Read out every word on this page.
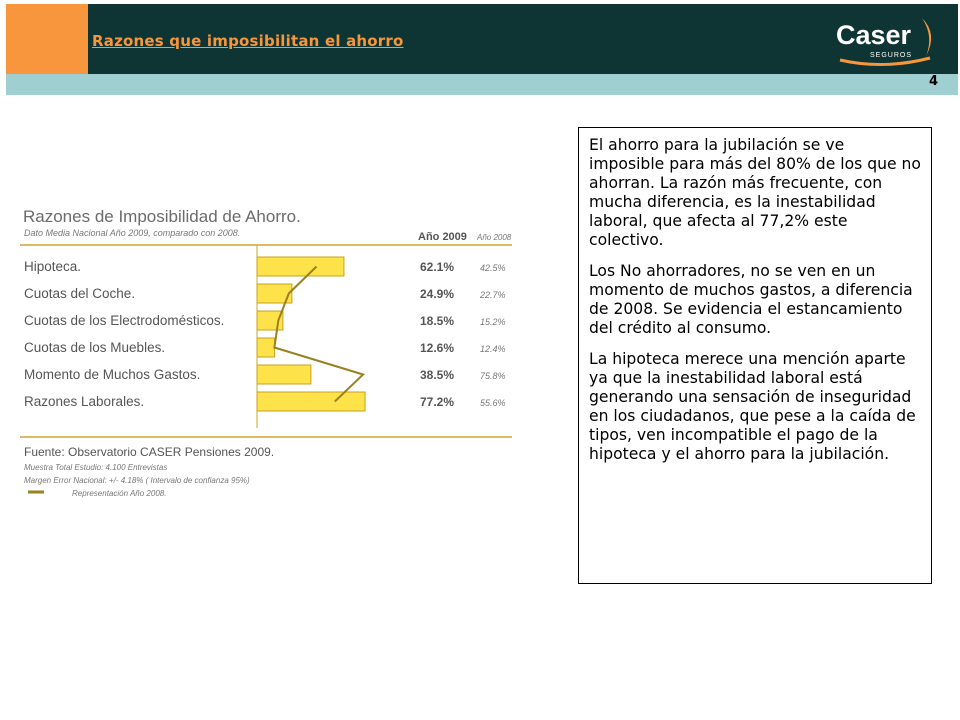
Razones que imposibilitan el ahorro	Caser
SEGUROS
4
Razones de Imposibilidad de Ahorro.
Dato Media Nacional Año 2009, comparado con 2008.	Año 2009 Año 2008
Hipoteca.	62.1%	42.5%
Cuotas del Coche.	24.9%	22.7%
Cuotas de los Electrodomésticos.	18.5%	15.2%
Cuotas de los Muebles.	12.6%	12.4%
Momento de Muchos Gastos.	38.5%	75.8%
Razones Laborales.	77.2%	55.6%
Fuente: Observatorio CASER Pensiones 2009.
Muestra Total Estudio: 4.100 Entrevistas
Margen Error Nacional: +/- 4.18% ( Intervalo de confianza 95%)
Representación Año 2008.

El ahorro para la jubilación se ve imposible para más del 80% de los que no ahorran. La razón más frecuente, con mucha diferencia, es la inestabilidad laboral, que afecta al 77,2% este colectivo.

Los No ahorradores, no se ven en un momento de muchos gastos, a diferencia de 2008. Se evidencia el estancamiento del crédito al consumo.

La hipoteca merece una mención aparte ya que la inestabilidad laboral está generando una sensación de inseguridad en los ciudadanos, que pese a la caída de tipos, ven incompatible el pago de la hipoteca y el ahorro para la jubilación.
